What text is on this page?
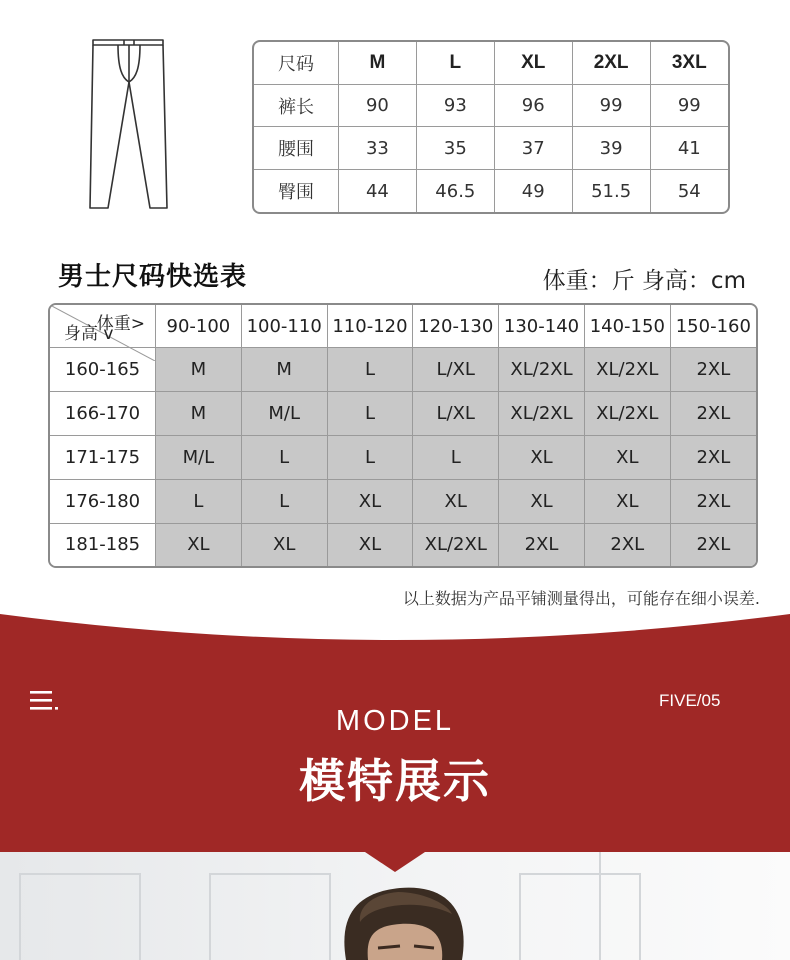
尺码	M	L	XL	2XL	3XL
裤长	90	93	96	99	99
腰围	33	35	37	39	41
臀围	44	46.5	49	51.5	54
男士尺码快选表	体重：斤 身高：cm
体重>
身高 v	90-100	100-110	110-120	120-130	130-140	140-150	150-160
160-165	M	M	L	L/XL	XL/2XL	XL/2XL	2XL
166-170	M	M/L	L	L/XL	XL/2XL	XL/2XL	2XL
171-175	M/L	L	L	L	XL	XL	2XL
176-180	L	L	XL	XL	XL	XL	2XL
181-185	XL	XL	XL	XL/2XL	2XL	2XL	2XL
以上数据为产品平铺测量得出，可能存在细小误差.
FIVE/05
MODEL
模特展示
